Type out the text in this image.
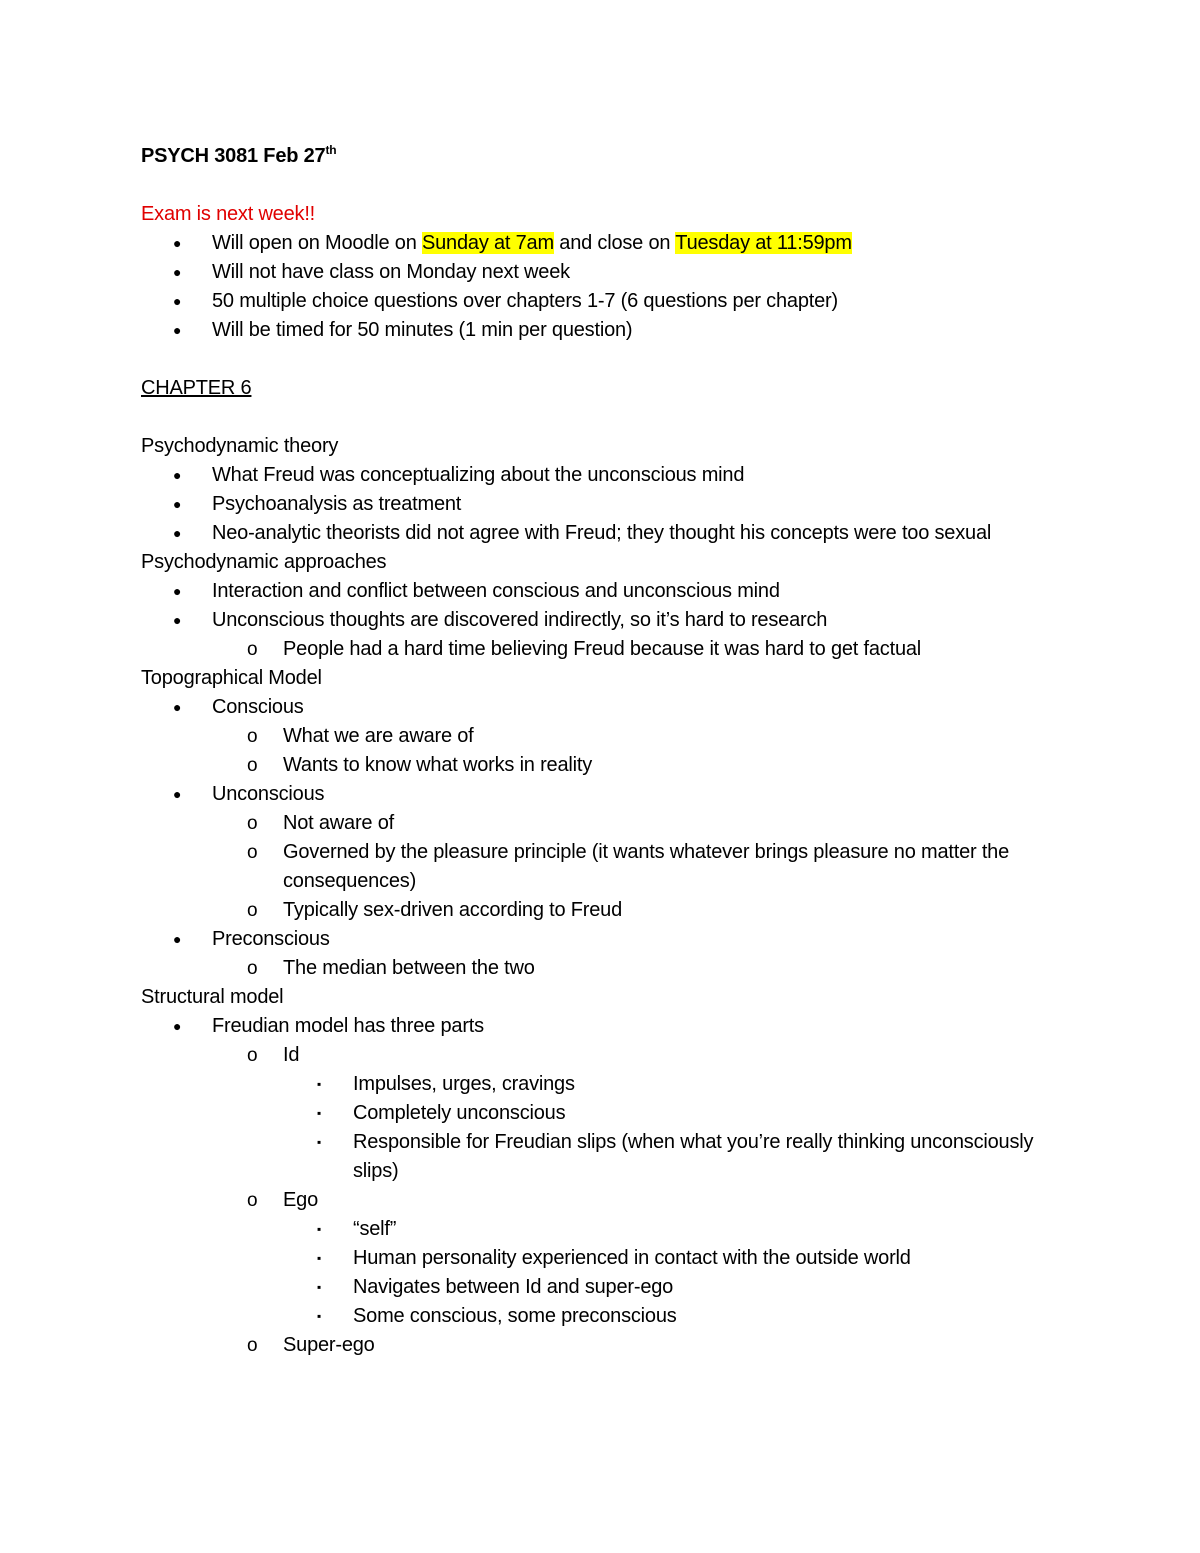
PSYCH 3081 Feb 27th

Exam is next week!!

● Will open on Moodle on Sunday at 7am and close on Tuesday at 11:59pm
● Will not have class on Monday next week
● 50 multiple choice questions over chapters 1-7 (6 questions per chapter)
● Will be timed for 50 minutes (1 min per question)

CHAPTER 6

Psychodynamic theory

● What Freud was conceptualizing about the unconscious mind
● Psychoanalysis as treatment
● Neo-analytic theorists did not agree with Freud; they thought his concepts were too sexual

Psychodynamic approaches

● Interaction and conflict between conscious and unconscious mind
● Unconscious thoughts are discovered indirectly, so it’s hard to research
o People had a hard time believing Freud because it was hard to get factual

Topographical Model

● Conscious
o What we are aware of
o Wants to know what works in reality
● Unconscious
o Not aware of
o Governed by the pleasure principle (it wants whatever brings pleasure no matter the consequences)
o Typically sex-driven according to Freud
● Preconscious
o The median between the two

Structural model

● Freudian model has three parts
o Id
▪ Impulses, urges, cravings
▪ Completely unconscious
▪ Responsible for Freudian slips (when what you’re really thinking unconsciously slips)
o Ego
▪ “self”
▪ Human personality experienced in contact with the outside world
▪ Navigates between Id and super-ego
▪ Some conscious, some preconscious
o Super-ego
